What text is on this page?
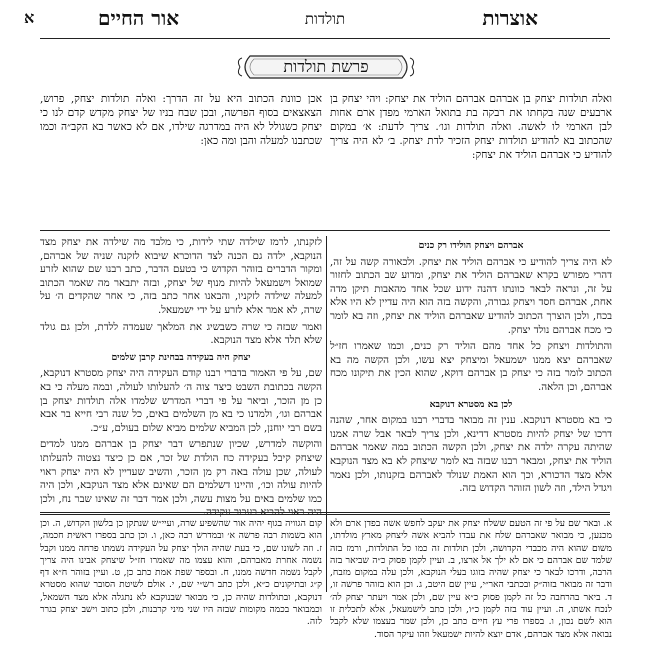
אוצרות
תולדות
אור החיים
א
פרשת תולדות

ואלה תולדות יצחק בן אברהם אברהם הוליד את יצחק: ויהי יצחק בן ארבעים שנה בקחתו את רבקה בת בתואל הארמי מפדן ארם אחות לבן הארמי לו לאשה. ואלה תולדות וגו׳. צריך לדעת: א׳ במקום שהכתוב בא להודיע תולדות יצחק הזכיר לדת יצחק. ב׳ לא היה צריך להודיע כי אברהם הוליד את יצחק:

אכן כוונת הכתוב היא על זה הדרך: ואלה תולדות יצחק, פרוש, הצאצאים בסוף הפרשה, ובכן שבח בניו של יצחק מקדש קדם לנו כי יצחק כשגולל לא היה במדרגה שילדו, אם לא כאשר בא הקב״ה וכמו שכתבנו למעלה והבן ומה כאן:

אברהם ויצחק הולידו רק כנים

לא היה צריך להודיע כי אברהם הוליד את יצחק. ולכאורה קשה על זה, דהרי מפורש בקרא שאברהם הוליד את יצחק, ומדוע שב הכתוב לחזור על זה, ונראה לבאר כוונתו דהנה ידוע שכל אחד מהאבות תיקן מדה אחת, אברהם חסד ויצחק גבורה, והקשה בזה הוא היה עדיין לא היו אלא בכח, ולכן הוצרך הכתוב להודיע שאברהם הוליד את יצחק, וזה בא לומר כי מכח אברהם נולד יצחק.

והתולדות ויצחק כל אחד מהם הוליד רק כנים, וכמו שאמרו חז״ל שאברהם יצא ממנו ישמעאל ומיצחק יצא עשו, ולכן הקשה מה בא הכתוב לומר בזה כי יצחק בן אברהם דוקא, שהוא הכין את תיקונו מכח אברהם, וכן הלאה.

לכן בא מסטרא דנוקבא

כי בא מסטרא דנוקבא. ענין זה מבואר בדברי רבנו במקום אחר, שהנה דרכו של יצחק להיות מסטרא דדינא, ולכן צריך לבאר אבל שרה אמנו שהיתה עקרה ילדה את יצחק, ולכן הקשה הכתוב במה שאמר אברהם הוליד את יצחק, ומבאר רבנו שבזה בא לומר שיצחק לא בא מצד הנוקבא אלא מצד הדכורא, וכך הוא האמת שנולד לאברהם בזקנותו, ולכן נאמר ויגדל הילד, וזה לשון הזוהר הקדוש בזה.

לזקנתו, לרמז שילדה שתי לידות, כי מלבד מה שילדה את יצחק מצד הנוקבא, ילדה גם הכנה לצד הדוכרא שיבוא לזקנה שניה של אברהם, ומקור הדברים בזוהר הקדוש כי בטעם הדבר, כתב רבנו שם שהוא לזרע שמואל וישמעאל להיות מנוף של יצחק, ובזה יתבאר מה שאמר הכתוב למעלה שילדה לזקניו, והבאנו אחר כתב בזה, כי אחר שהקדים ה׳ על שרה, לא אמר אלא לזרע על ידי ישמעאל.

ואמר שבזה כי שרה כשבשיג את המלאך שעמדה ללדת, ולכן גם גולד שלא תלד אלא מצד הנוקבא.

יצחק היה בעקידה בבחינת קרבן שלמים

שם, על פי האמור בדברי רבנו קודם העקידה היה יצחק מסטרא דנוקבא, הקשה בכתובת השבט כיצד צוה ה׳ להעלותו לעולה, ובמה מעלה כי בא כן מן הזכר, וביאר על פי דברי המדרש שלמדו אלה תולדות יצחק בן אברהם וגו׳, ולמדנו כי בא מן השלמים באים, כל שנה רבי חייא בר אבא בשם רבי יוחנן, לכן המביא שלמים מביא שלום בעולם, ע״כ.

והוקשה למדרש, שכיון שנתפרש דבר יצחק בן אברהם ממנו למדים שיצחק קיבל בעקידה כח הולדת של זכר, אם כן כיצד נצטוה להעלותו לעולה, שכן עולה באה רק מן הזכר, והשיב שעדיין לא היה יצחק ראוי להיות עולה וכו׳, והיינו דשלמים הם שאינם אלא מצד הנוקבא, ולכן היה כמו שלמים באים על מצות עשה, ולכן אמר דבר זה שאינו שבר נח, ולכן היה ראוי להביא בעבור עקידה.

א. ובאר שם על פי זה הטעם ששלח יצחק את יעקב לחפש אשה בפדן ארם ולא מכנען, כי מבואר שאברהם שלח את עבדו להביא אשה ליצחק מארץ מולדתו, משום שהוא היה מכבדי הקדושה, ולכן תולדות זה כמו כל התולדות, ורמז בזה שלמד שם אברהם כי אם לא ילך אל ארצו, ב. ועיין לקמן פסוק כ״ה שביאר בזה הרבה, ודרכו לבאר כי יצחק שהיה בזוגו בעלי הנוקבא, ולכן עלה במקום מזבח, ודבר זה מבואר בזוה״ק ובכתבי האר״י, עיין שם היטב, ג. וכן הוא בזוהר פרשה זו, ד. ביאר בהרחבה כל זה לקמן פסוק כ״א עיין שם, ולכן אמר ויעתר יצחק לה׳ לנכח אשתו, ה. ועיין עוד בזה לקמן כ״ו, ולכן כתב לישמעאל, אלא לתכלית זו הוא לשם נכון, ו. בספרו פרי עץ חיים כתב כן, ולכן שמר בעצמו שלא לקבל נבואה אלא מצד אברהם, אדם יוצא להיות ישמעאל וזהו עיקר הסוד.

קום הגוויה בגוף יהיה אור שהשפיע שרה, ועיי״ש שנתקן כן בלשון הקדוש, ה. וכן הוא בשמות רבה פרשה א׳ ובמדרש רבה כאן, ו. וכן כתב בספרו ראשית חכמה, ז. וזה לשונו שם, כי בעת שהיה הולך יצחק על העקידה נשמתו פרחה ממנו וקבל נשמה אחרת מאברהם, והוא עצמו מה שאמרו חז״ל שיצחק אבינו היה צריך לקבל נשמה חדשה ממנו, ח. ובספר שפת אמת כתב כן, ט. ועיין בזוהר ח״א דף ק״ג ובתיקונים כ״א, ולכן כתב רש״י שם, י. אולם לשיטת הסובר שהוא מסטרא דנוקבא, ובתולדות שהיה כן, כי מבואר שבנוקבא לא נתגלה אלא מצד השמאל, וכמבואר בכמה מקומות שבזה היו שני מיני קרבנות, ולכן כתוב וישב יצחק בגרר לזה.
